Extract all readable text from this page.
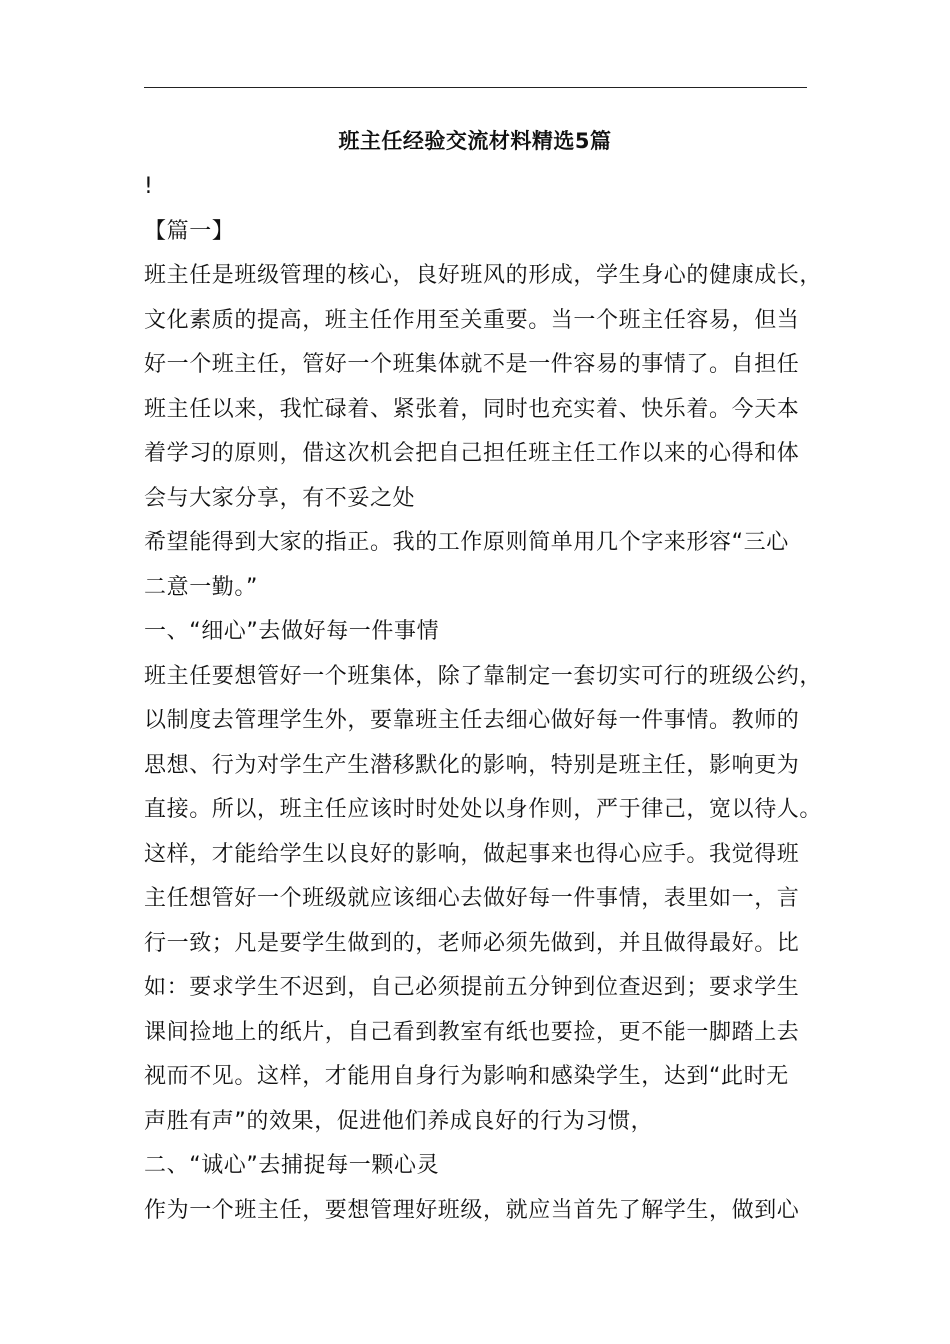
班主任经验交流材料精选5篇
!
【篇一】
班主任是班级管理的核心，良好班风的形成，学生身心的健康成长，
文化素质的提高，班主任作用至关重要。当一个班主任容易，但当
好一个班主任，管好一个班集体就不是一件容易的事情了。自担任
班主任以来，我忙碌着、紧张着，同时也充实着、快乐着。今天本
着学习的原则，借这次机会把自己担任班主任工作以来的心得和体
会与大家分享，有不妥之处
希望能得到大家的指正。我的工作原则简单用几个字来形容“三心
二意一勤。”
一、“细心”去做好每一件事情
班主任要想管好一个班集体，除了靠制定一套切实可行的班级公约，
以制度去管理学生外，要靠班主任去细心做好每一件事情。教师的
思想、行为对学生产生潜移默化的影响，特别是班主任，影响更为
直接。所以，班主任应该时时处处以身作则，严于律己，宽以待人。
这样，才能给学生以良好的影响，做起事来也得心应手。我觉得班
主任想管好一个班级就应该细心去做好每一件事情，表里如一，言
行一致；凡是要学生做到的，老师必须先做到，并且做得最好。比
如：要求学生不迟到，自己必须提前五分钟到位查迟到；要求学生
课间捡地上的纸片，自己看到教室有纸也要捡，更不能一脚踏上去
视而不见。这样，才能用自身行为影响和感染学生，达到“此时无
声胜有声”的效果，促进他们养成良好的行为习惯，
二、“诚心”去捕捉每一颗心灵
作为一个班主任，要想管理好班级，就应当首先了解学生，做到心
